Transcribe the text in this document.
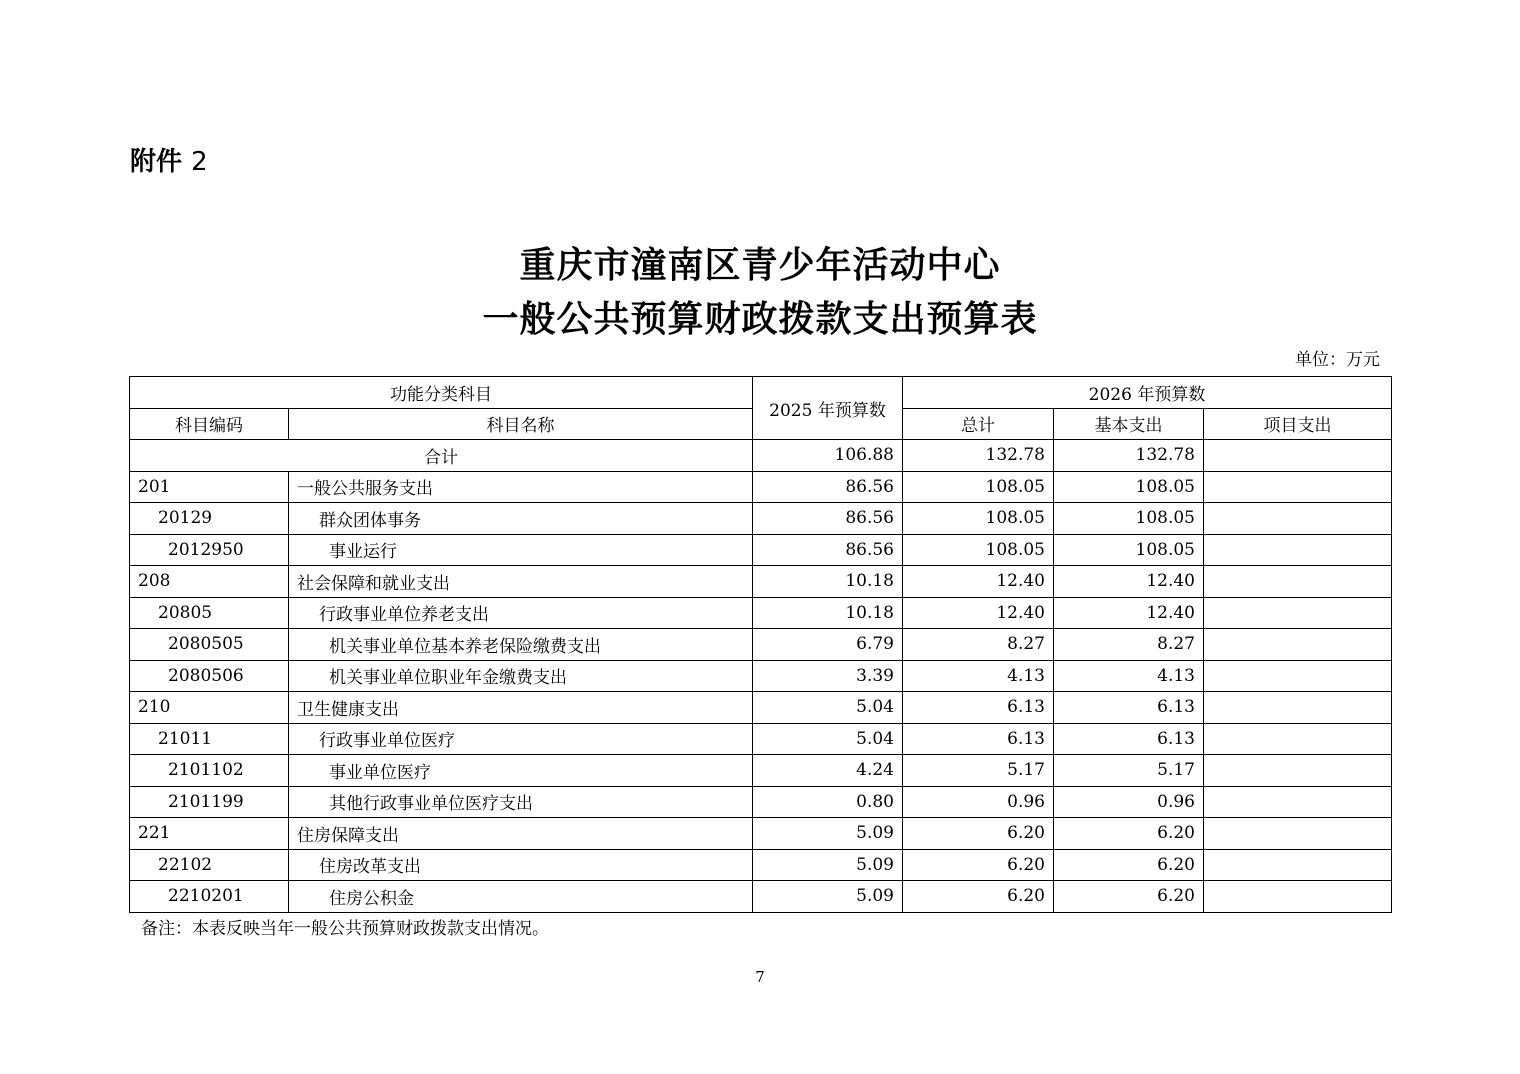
附件 2
重庆市潼南区青少年活动中心
一般公共预算财政拨款支出预算表
单位：万元
功能分类科目		2025 年预算数	2026 年预算数		
科目编码	科目名称		总计	基本支出	项目支出
合计		106.88	132.78	132.78	
201	一般公共服务支出	86.56	108.05	108.05	
20129	群众团体事务	86.56	108.05	108.05	
2012950	事业运行	86.56	108.05	108.05	
208	社会保障和就业支出	10.18	12.40	12.40	
20805	行政事业单位养老支出	10.18	12.40	12.40	
2080505	机关事业单位基本养老保险缴费支出	6.79	8.27	8.27	
2080506	机关事业单位职业年金缴费支出	3.39	4.13	4.13	
210	卫生健康支出	5.04	6.13	6.13	
21011	行政事业单位医疗	5.04	6.13	6.13	
2101102	事业单位医疗	4.24	5.17	5.17	
2101199	其他行政事业单位医疗支出	0.80	0.96	0.96	
221	住房保障支出	5.09	6.20	6.20	
22102	住房改革支出	5.09	6.20	6.20	
2210201	住房公积金	5.09	6.20	6.20	
备注：本表反映当年一般公共预算财政拨款支出情况。
7
